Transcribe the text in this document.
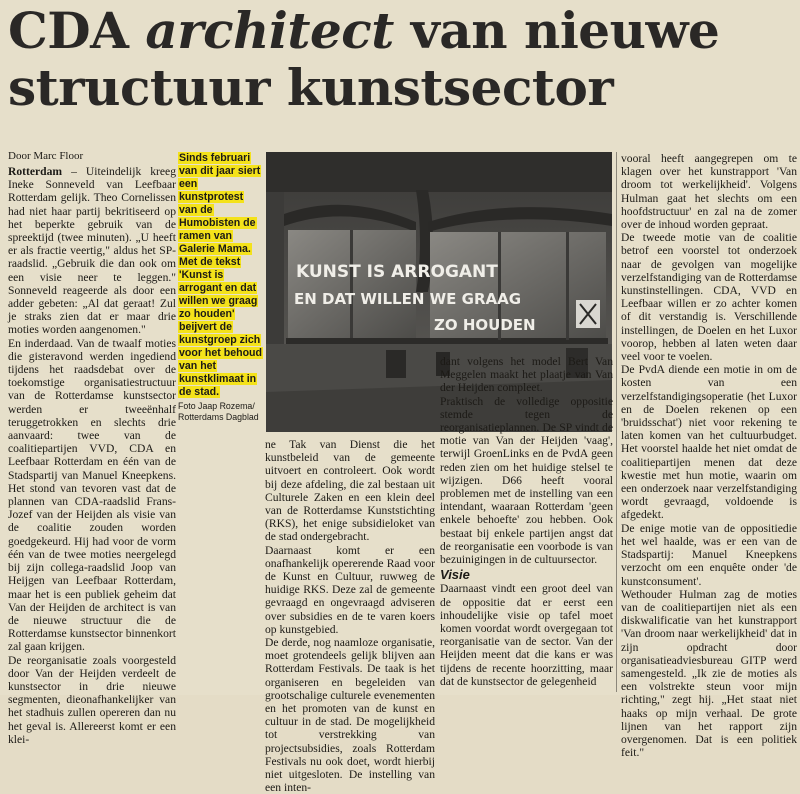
CDA architect van nieuwe structuur kunstsector
Door Marc Floor

Rotterdam – Uiteindelijk kreeg Ineke Sonneveld van Leefbaar Rotterdam gelijk. Theo Cornelissen had niet haar partij bekritiseerd op het beperkte gebruik van de spreektijd (twee minuten). „U heeft er als fractie veertig," aldus het SP-raadslid. „Gebruik die dan ook om een visie neer te leggen." Sonneveld reageerde als door een adder gebeten: „Al dat geraat! Zul je straks zien dat er maar drie moties worden aangenomen."

En inderdaad. Van de twaalf moties die gisteravond werden ingediend tijdens het raadsdebat over de toekomstige organisatiestructuur van de Rotterdamse kunstsector werden er tweeënhalf teruggetrokken en slechts drie aanvaard: twee van de coalitiepartijen VVD, CDA en Leefbaar Rotterdam en één van de Stadspartij van Manuel Kneepkens. Het stond van tevoren vast dat de plannen van CDA-raadslid Frans-Jozef van der Heijden als visie van de coalitie zouden worden goedgekeurd. Hij had voor de vorm één van de twee moties neergelegd bij zijn collega-raadslid Joop van Heijgen van Leefbaar Rotterdam, maar het is een publiek geheim dat Van der Heijden de architect is van de nieuwe structuur die de Rotterdamse kunstsector binnenkort zal gaan krijgen.

De reorganisatie zoals voorgesteld door Van der Heijden verdeelt de kunstsector in drie nieuwe segmenten, dieonafhankelijker van het stadhuis zullen opereren dan nu het geval is. Allereerst komt er een klei-

Sinds februari van dit jaar siert een kunstprotest van de Humobisten de ramen van Galerie Mama. Met de tekst 'Kunst is arrogant en dat willen we graag zo houden' beijvert de kunstgroep zich voor het behoud van het kunstklimaat in de stad.
Foto Jaap Rozema/ Rotterdams Dagblad
KUNST IS ARROGANT
EN DAT WILLEN WE GRAAG
ZO HOUDEN

ne Tak van Dienst die het kunstbeleid van de gemeente uitvoert en controleert. Ook wordt bij deze afdeling, die zal bestaan uit Culturele Zaken en een klein deel van de Rotterdamse Kunststichting (RKS), het enige subsidieloket van de stad ondergebracht.

Daarnaast komt er een onafhankelijk opererende Raad voor de Kunst en Cultuur, ruwweg de huidige RKS. Deze zal de gemeente gevraagd en ongevraagd adviseren over subsidies en de te varen koers op kunstgebied.

De derde, nog naamloze organisatie, moet grotendeels gelijk blijven aan Rotterdam Festivals. De taak is het organiseren en begeleiden van grootschalige culturele evenementen en het promoten van de kunst en cultuur in de stad. De mogelijkheid tot verstrekking van projectsubsidies, zoals Rotterdam Festivals nu ook doet, wordt hierbij niet uitgesloten. De instelling van een inten-

dant volgens het model Bert Van Meggelen maakt het plaatje van Van der Heijden compleet.

Praktisch de volledige oppositie stemde tegen de reorganisatieplannen. De SP vindt de motie van Van der Heijden 'vaag', terwijl GroenLinks en de PvdA geen reden zien om het huidige stelsel te wijzigen. D66 heeft vooral problemen met de instelling van een intendant, waaraan Rotterdam 'geen enkele behoefte' zou hebben. Ook bestaat bij enkele partijen angst dat de reorganisatie een voorbode is van bezuinigingen in de cultuursector.

Visie

Daarnaast vindt een groot deel van de oppositie dat er eerst een inhoudelijke visie op tafel moet komen voordat wordt overgegaan tot reorganisatie van de sector. Van der Heijden meent dat die kans er was tijdens de recente hoorzitting, maar dat de kunstsector de gelegenheid

vooral heeft aangegrepen om te klagen over het kunstrapport 'Van droom tot werkelijkheid'. Volgens Hulman gaat het slechts om een hoofdstructuur' en zal na de zomer over de inhoud worden gepraat.

De tweede motie van de coalitie betrof een voorstel tot onderzoek naar de gevolgen van mogelijke verzelfstandiging van de Rotterdamse kunstinstellingen. CDA, VVD en Leefbaar willen er zo achter komen of dit verstandig is. Verschillende instellingen, de Doelen en het Luxor voorop, hebben al laten weten daar veel voor te voelen.

De PvdA diende een motie in om de kosten van een verzelfstandigingsoperatie (het Luxor en de Doelen rekenen op een 'bruidsschat') niet voor rekening te laten komen van het cultuurbudget. Het voorstel haalde het niet omdat de coalitiepartijen menen dat deze kwestie met hun motie, waarin om een onderzoek naar verzelfstandiging wordt gevraagd, voldoende is afgedekt.

De enige motie van de oppositiedie het wel haalde, was er een van de Stadspartij: Manuel Kneepkens verzocht om een enquête onder 'de kunstconsument'.

Wethouder Hulman zag de moties van de coalitiepartijen niet als een diskwalificatie van het kunstrapport 'Van droom naar werkelijkheid' dat in zijn opdracht door organisatieadviesbureau GITP werd samengesteld. „Ik zie de moties als een volstrekte steun voor mijn richting," zegt hij. „Het staat niet haaks op mijn verhaal. De grote lijnen van het rapport zijn overgenomen. Dat is een politiek feit."
